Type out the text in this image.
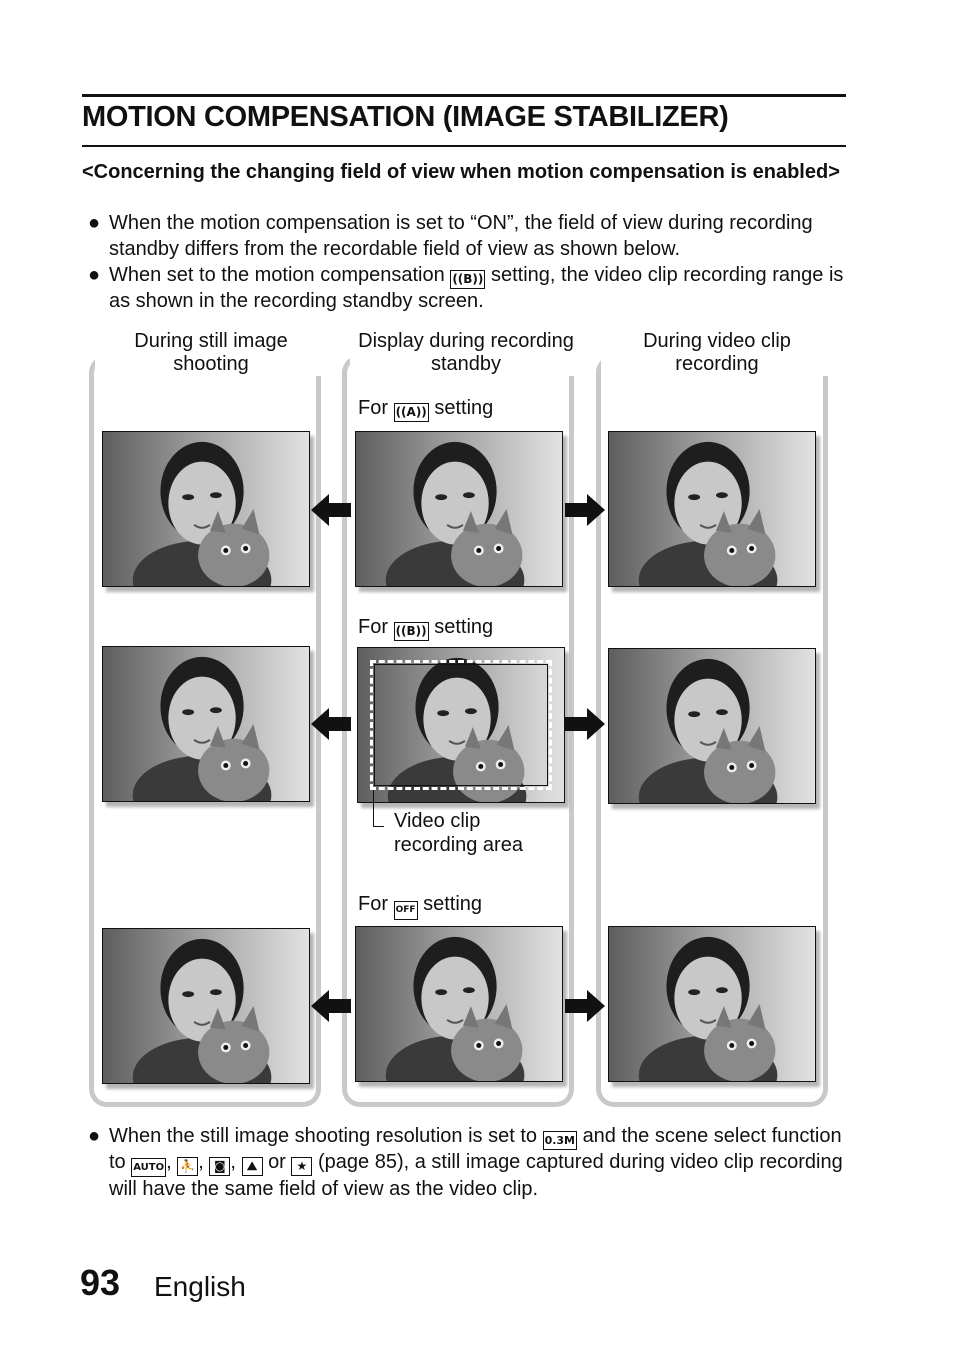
MOTION COMPENSATION (IMAGE STABILIZER)

<Concerning the changing field of view when motion compensation is enabled>

● When the motion compensation is set to “ON”, the field of view during recording standby differs from the recordable field of view as shown below.
● When set to the motion compensation ((B)) setting, the video clip recording range is as shown in the recording standby screen.
During still image shooting
Display during recording standby
During video clip recording
For ((A)) setting
For ((B)) setting
For OFF setting
Video clip
recording area
● When the still image shooting resolution is set to 0.3M and the scene select function to AUTO , ⛹ , ◙ , ⛰ or ★ (page 85), a still image captured during video clip recording will have the same field of view as the video clip.
93 English
